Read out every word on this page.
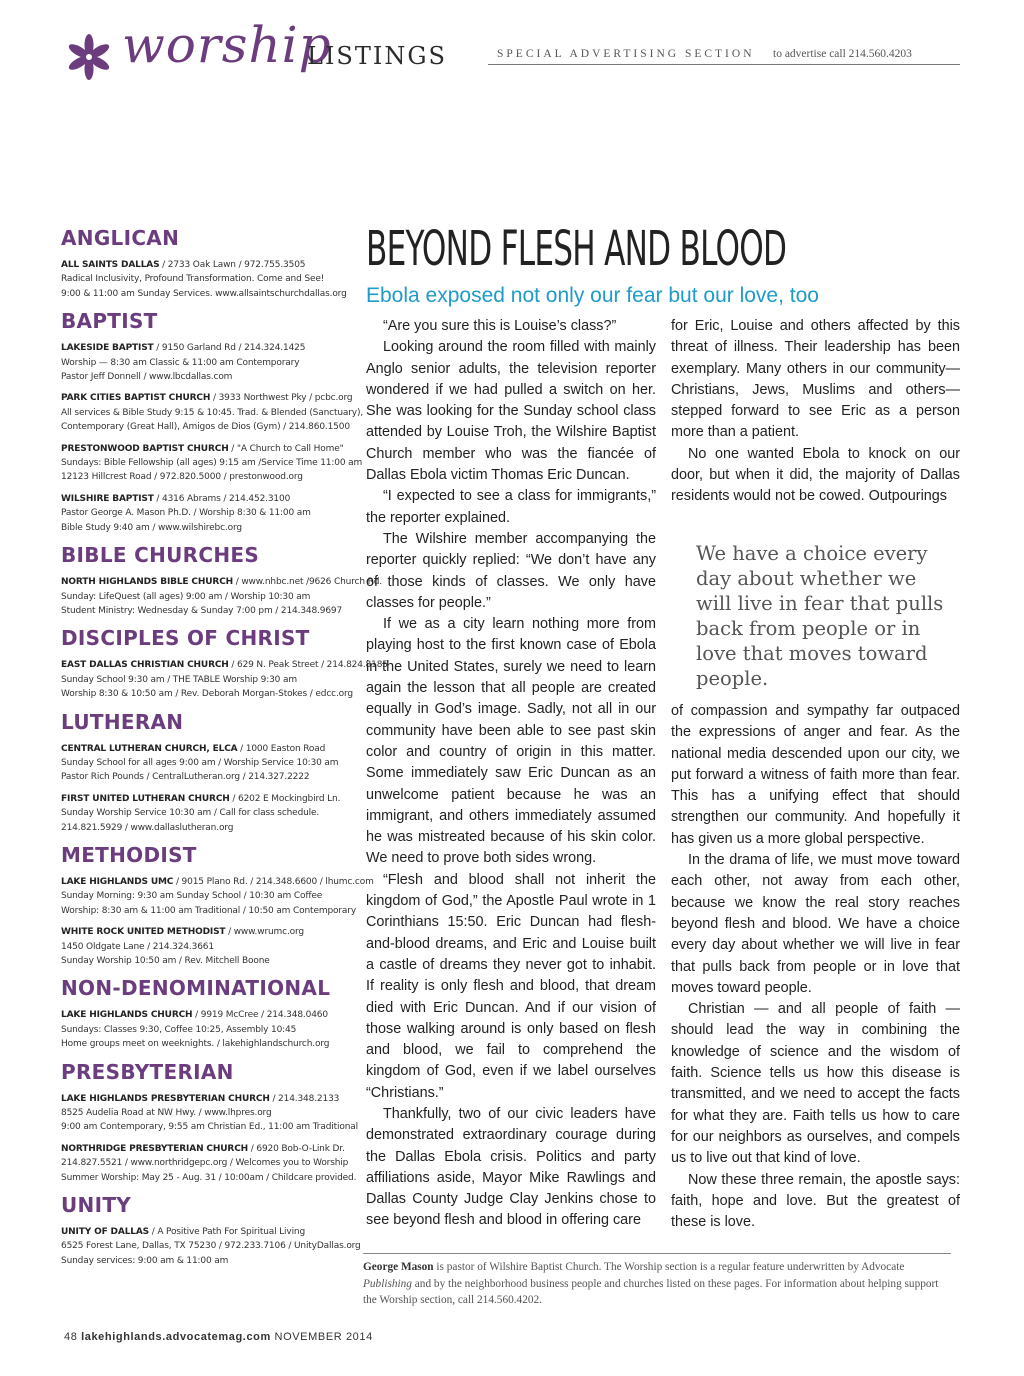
worship
LISTINGS	SPECIAL ADVERTISING SECTION to advertise call 214.560.4203
ANGLICAN
ALL SAINTS DALLAS / 2733 Oak Lawn / 972.755.3505
Radical Inclusivity, Profound Transformation. Come and See!
9:00 & 11:00 am Sunday Services. www.allsaintschurchdallas.org
BAPTIST
LAKESIDE BAPTIST / 9150 Garland Rd / 214.324.1425
Worship — 8:30 am Classic & 11:00 am Contemporary
Pastor Jeff Donnell / www.lbcdallas.com
PARK CITIES BAPTIST CHURCH / 3933 Northwest Pky / pcbc.org
All services & Bible Study 9:15 & 10:45. Trad. & Blended (Sanctuary),
Contemporary (Great Hall), Amigos de Dios (Gym) / 214.860.1500
PRESTONWOOD BAPTIST CHURCH / "A Church to Call Home"
Sundays: Bible Fellowship (all ages) 9:15 am /Service Time 11:00 am
12123 Hillcrest Road / 972.820.5000 / prestonwood.org
WILSHIRE BAPTIST / 4316 Abrams / 214.452.3100
Pastor George A. Mason Ph.D. / Worship 8:30 & 11:00 am
Bible Study 9:40 am / www.wilshirebc.org
BIBLE CHURCHES
NORTH HIGHLANDS BIBLE CHURCH / www.nhbc.net /9626 Church Rd.
Sunday: LifeQuest (all ages) 9:00 am / Worship 10:30 am
Student Ministry: Wednesday & Sunday 7:00 pm / 214.348.9697
DISCIPLES OF CHRIST
EAST DALLAS CHRISTIAN CHURCH / 629 N. Peak Street / 214.824.8185
Sunday School 9:30 am / THE TABLE Worship 9:30 am
Worship 8:30 & 10:50 am / Rev. Deborah Morgan-Stokes / edcc.org
LUTHERAN
CENTRAL LUTHERAN CHURCH, ELCA / 1000 Easton Road
Sunday School for all ages 9:00 am / Worship Service 10:30 am
Pastor Rich Pounds / CentralLutheran.org / 214.327.2222
FIRST UNITED LUTHERAN CHURCH / 6202 E Mockingbird Ln.
Sunday Worship Service 10:30 am / Call for class schedule.
214.821.5929 / www.dallaslutheran.org
METHODIST
LAKE HIGHLANDS UMC / 9015 Plano Rd. / 214.348.6600 / lhumc.com
Sunday Morning: 9:30 am Sunday School / 10:30 am Coffee
Worship: 8:30 am & 11:00 am Traditional / 10:50 am Contemporary
WHITE ROCK UNITED METHODIST / www.wrumc.org
1450 Oldgate Lane / 214.324.3661
Sunday Worship 10:50 am / Rev. Mitchell Boone
NON-DENOMINATIONAL
LAKE HIGHLANDS CHURCH / 9919 McCree / 214.348.0460
Sundays: Classes 9:30, Coffee 10:25, Assembly 10:45
Home groups meet on weeknights. / lakehighlandschurch.org
PRESBYTERIAN
LAKE HIGHLANDS PRESBYTERIAN CHURCH / 214.348.2133
8525 Audelia Road at NW Hwy. / www.lhpres.org
9:00 am Contemporary, 9:55 am Christian Ed., 11:00 am Traditional
NORTHRIDGE PRESBYTERIAN CHURCH / 6920 Bob-O-Link Dr.
214.827.5521 / www.northridgepc.org / Welcomes you to Worship
Summer Worship: May 25 - Aug. 31 / 10:00am / Childcare provided.
UNITY
UNITY OF DALLAS / A Positive Path For Spiritual Living
6525 Forest Lane, Dallas, TX 75230 / 972.233.7106 / UnityDallas.org
Sunday services: 9:00 am & 11:00 am
BEYOND FLESH AND BLOOD
Ebola exposed not only our fear but our love, too

“Are you sure this is Louise’s class?”

Looking around the room filled with mainly Anglo senior adults, the television reporter wondered if we had pulled a switch on her. She was looking for the Sunday school class attended by Louise Troh, the Wilshire Baptist Church member who was the fiancée of Dallas Ebola victim Thomas Eric Duncan.

“I expected to see a class for immigrants,” the reporter explained.

The Wilshire member accompanying the reporter quickly replied: “We don’t have any of those kinds of classes. We only have classes for people.”

If we as a city learn nothing more from playing host to the first known case of Ebola in the United States, surely we need to learn again the lesson that all people are created equally in God’s image. Sadly, not all in our community have been able to see past skin color and country of origin in this matter. Some immediately saw Eric Duncan as an unwelcome patient because he was an immigrant, and others immediately assumed he was mistreated because of his skin color. We need to prove both sides wrong.

“Flesh and blood shall not inherit the kingdom of God,” the Apostle Paul wrote in 1 Corinthians 15:50. Eric Duncan had flesh-and-blood dreams, and Eric and Louise built a castle of dreams they never got to inhabit. If reality is only flesh and blood, that dream died with Eric Duncan. And if our vision of those walking around is only based on flesh and blood, we fail to comprehend the kingdom of God, even if we label ourselves “Christians.”

Thankfully, two of our civic leaders have demonstrated extraordinary courage during the Dallas Ebola crisis. Politics and party affiliations aside, Mayor Mike Rawlings and Dallas County Judge Clay Jenkins chose to see beyond flesh and blood in offering care

for Eric, Louise and others affected by this threat of illness. Their leadership has been exemplary. Many others in our community—Christians, Jews, Muslims and others—stepped forward to see Eric as a person more than a patient.

No one wanted Ebola to knock on our door, but when it did, the majority of Dallas residents would not be cowed. Outpourings

We have a choice every day about whether we will live in fear that pulls back from people or in love that moves toward people.

of compassion and sympathy far outpaced the expressions of anger and fear. As the national media descended upon our city, we put forward a witness of faith more than fear. This has a unifying effect that should strengthen our community. And hopefully it has given us a more global perspective.

In the drama of life, we must move toward each other, not away from each other, because we know the real story reaches beyond flesh and blood. We have a choice every day about whether we will live in fear that pulls back from people or in love that moves toward people.

Christian — and all people of faith — should lead the way in combining the knowledge of science and the wisdom of faith. Science tells us how this disease is transmitted, and we need to accept the facts for what they are. Faith tells us how to care for our neighbors as ourselves, and compels us to live out that kind of love.

Now these three remain, the apostle says: faith, hope and love. But the greatest of these is love.

George Mason is pastor of Wilshire Baptist Church. The Worship section is a regular feature underwritten by Advocate Publishing and by the neighborhood business people and churches listed on these pages. For information about helping support the Worship section, call 214.560.4202.
48 lakehighlands.advocatemag.com NOVEMBER 2014
